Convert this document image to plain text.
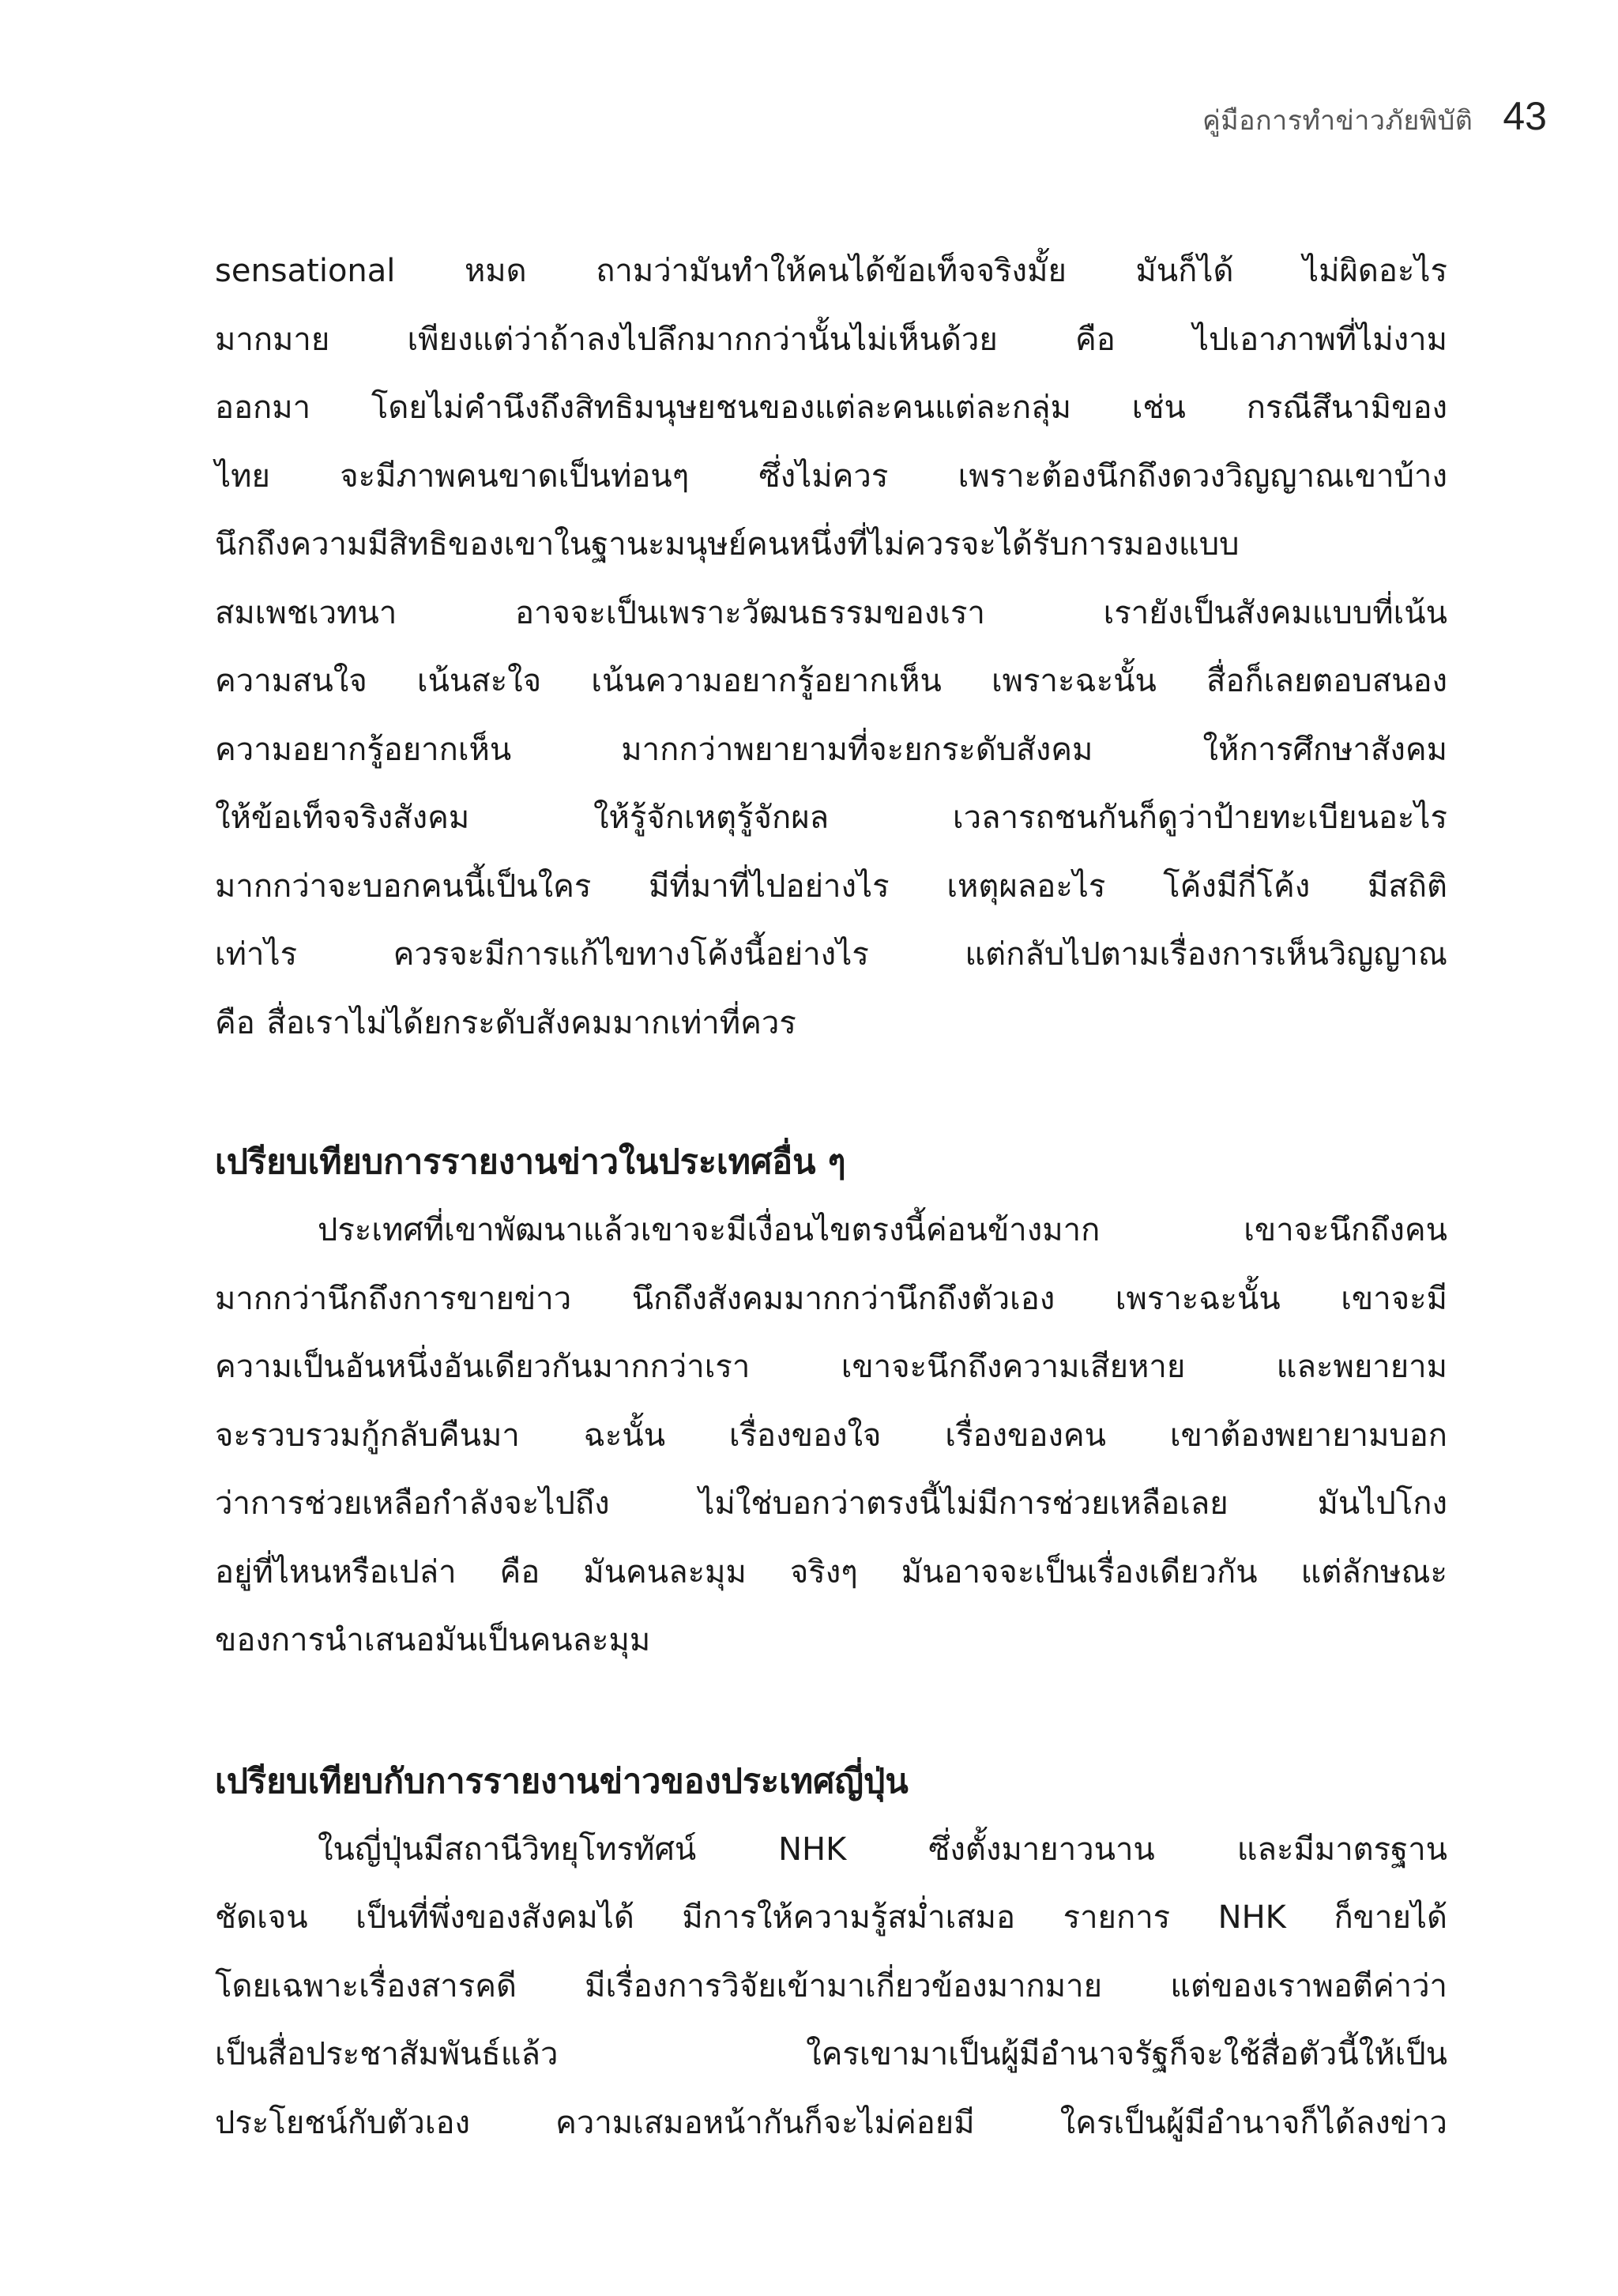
คู่มือการทำข่าวภัยพิบัติ 43
sensational หมด ถามว่ามันทำให้คนได้ข้อเท็จจริงมั้ย มันก็ได้ ไม่ผิดอะไร
มากมาย เพียงแต่ว่าถ้าลงไปลึกมากกว่านั้นไม่เห็นด้วย คือ ไปเอาภาพที่ไม่งาม
ออกมา โดยไม่คำนึงถึงสิทธิมนุษยชนของแต่ละคนแต่ละกลุ่ม เช่น กรณีสึนามิของ
ไทย จะมีภาพคนขาดเป็นท่อนๆ ซึ่งไม่ควร เพราะต้องนึกถึงดวงวิญญาณเขาบ้าง
นึกถึงความมีสิทธิของเขาในฐานะมนุษย์คนหนึ่งที่ไม่ควรจะได้รับการมองแบบ
สมเพชเวทนา อาจจะเป็นเพราะวัฒนธรรมของเรา เรายังเป็นสังคมแบบที่เน้น
ความสนใจ เน้นสะใจ เน้นความอยากรู้อยากเห็น เพราะฉะนั้น สื่อก็เลยตอบสนอง
ความอยากรู้อยากเห็น มากกว่าพยายามที่จะยกระดับสังคม ให้การศึกษาสังคม
ให้ข้อเท็จจริงสังคม ให้รู้จักเหตุรู้จักผล เวลารถชนกันก็ดูว่าป้ายทะเบียนอะไร
มากกว่าจะบอกคนนี้เป็นใคร มีที่มาที่ไปอย่างไร เหตุผลอะไร โค้งมีกี่โค้ง มีสถิติ
เท่าไร ควรจะมีการแก้ไขทางโค้งนี้อย่างไร แต่กลับไปตามเรื่องการเห็นวิญญาณ
คือ สื่อเราไม่ได้ยกระดับสังคมมากเท่าที่ควร
เปรียบเทียบการรายงานข่าวในประเทศอื่น ๆ
ประเทศที่เขาพัฒนาแล้วเขาจะมีเงื่อนไขตรงนี้ค่อนข้างมาก เขาจะนึกถึงคน
มากกว่านึกถึงการขายข่าว นึกถึงสังคมมากกว่านึกถึงตัวเอง เพราะฉะนั้น เขาจะมี
ความเป็นอันหนึ่งอันเดียวกันมากกว่าเรา เขาจะนึกถึงความเสียหาย และพยายาม
จะรวบรวมกู้กลับคืนมา ฉะนั้น เรื่องของใจ เรื่องของคน เขาต้องพยายามบอก
ว่าการช่วยเหลือกำลังจะไปถึง ไม่ใช่บอกว่าตรงนี้ไม่มีการช่วยเหลือเลย มันไปโกง
อยู่ที่ไหนหรือเปล่า คือ มันคนละมุม จริงๆ มันอาจจะเป็นเรื่องเดียวกัน แต่ลักษณะ
ของการนำเสนอมันเป็นคนละมุม
เปรียบเทียบกับการรายงานข่าวของประเทศญี่ปุ่น
ในญี่ปุ่นมีสถานีวิทยุโทรทัศน์ NHK ซึ่งตั้งมายาวนาน และมีมาตรฐาน
ชัดเจน เป็นที่พึ่งของสังคมได้ มีการให้ความรู้สม่ำเสมอ รายการ NHK ก็ขายได้
โดยเฉพาะเรื่องสารคดี มีเรื่องการวิจัยเข้ามาเกี่ยวข้องมากมาย แต่ของเราพอตีค่าว่า
เป็นสื่อประชาสัมพันธ์แล้ว ใครเขามาเป็นผู้มีอำนาจรัฐก็จะใช้สื่อตัวนี้ให้เป็น
ประโยชน์กับตัวเอง ความเสมอหน้ากันก็จะไม่ค่อยมี ใครเป็นผู้มีอำนาจก็ได้ลงข่าว
